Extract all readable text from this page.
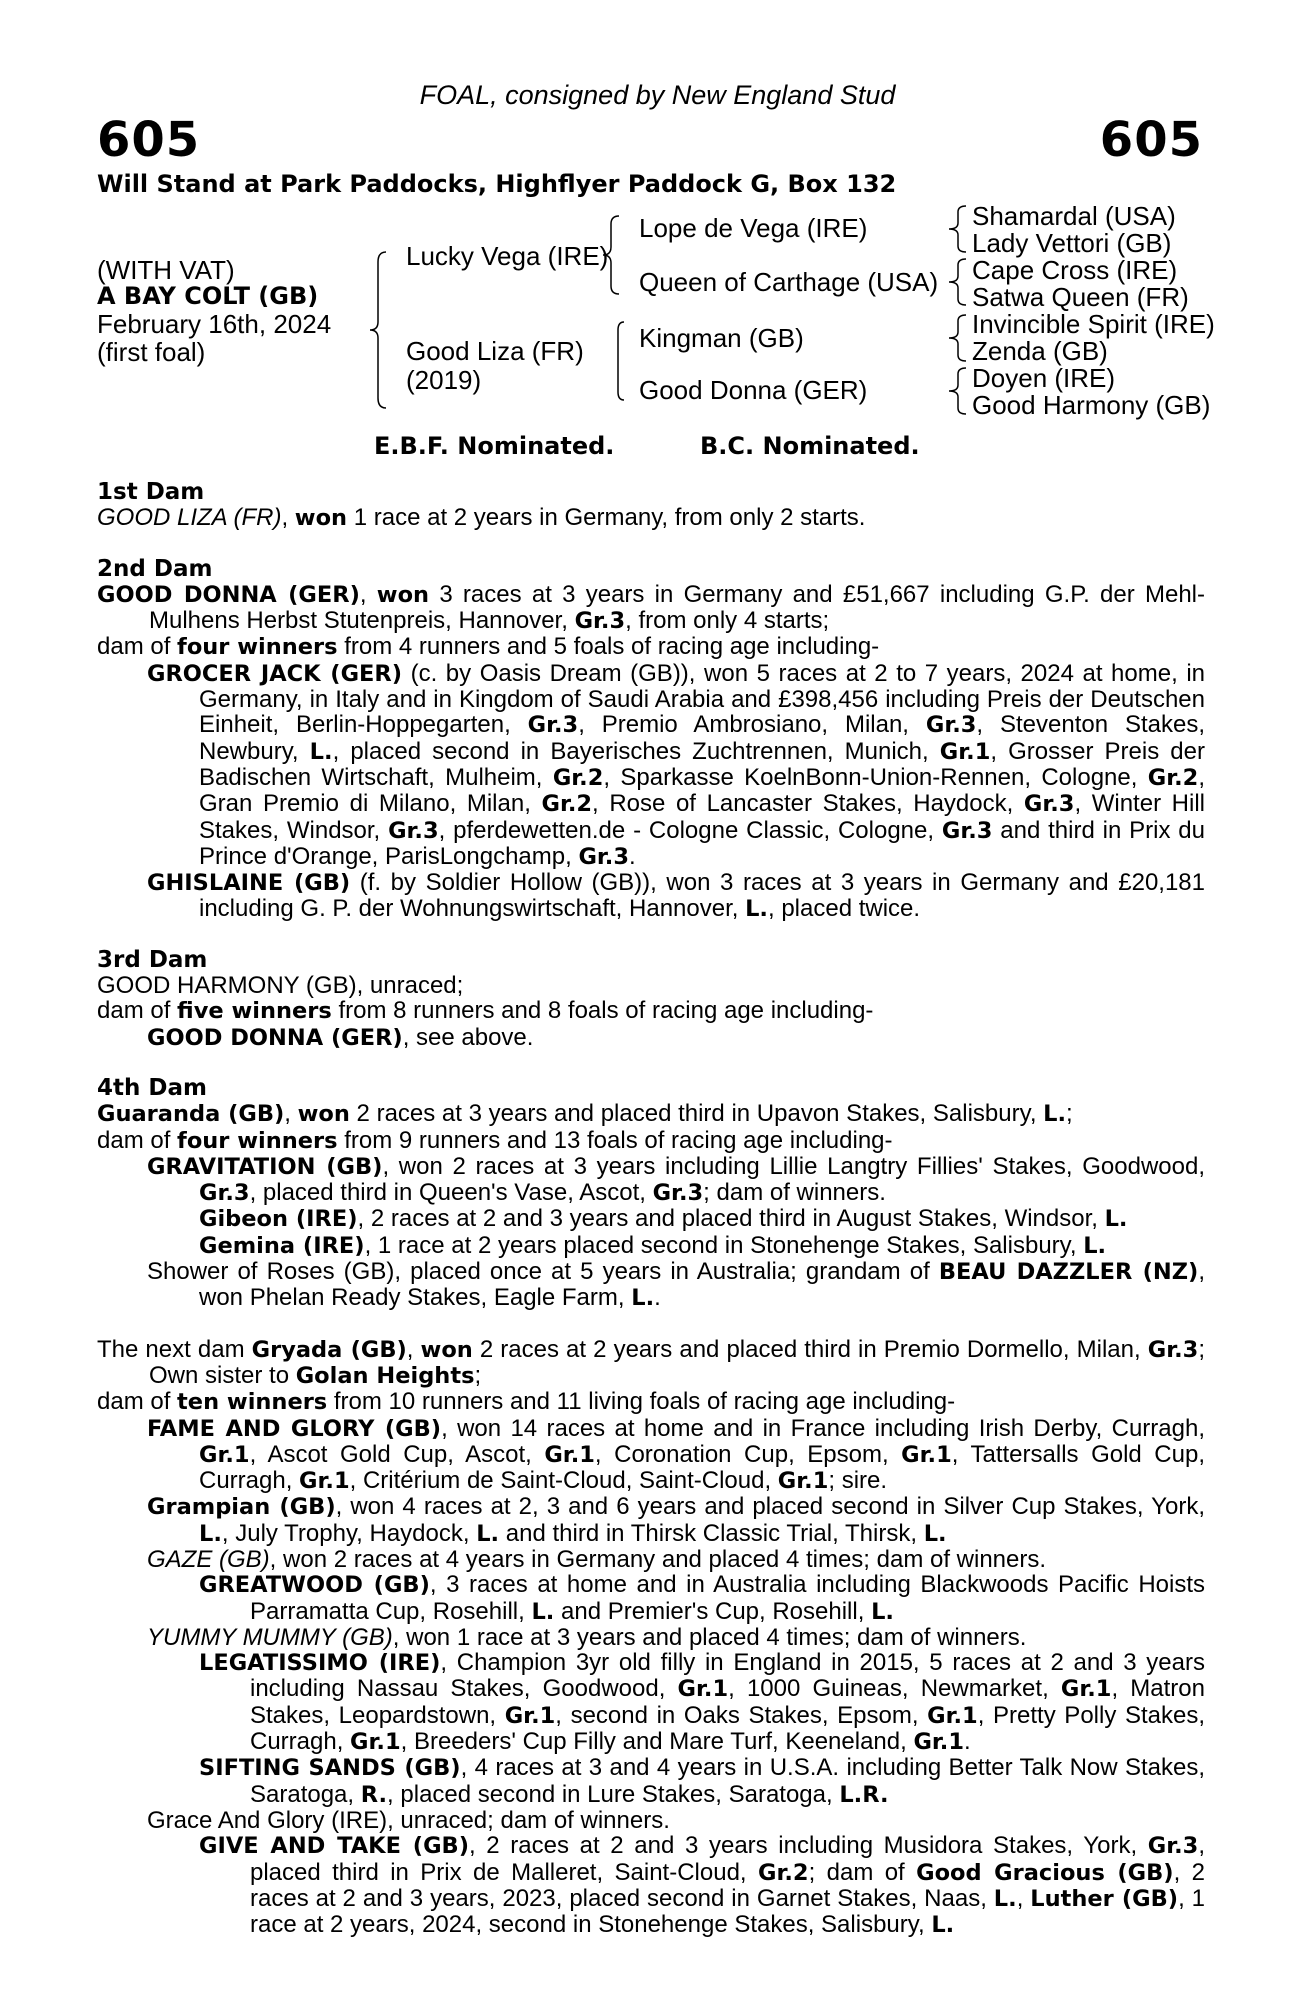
FOAL, consigned by New England Stud
605	605
Will Stand at Park Paddocks, Highflyer Paddock G, Box 132
(WITH VAT)
A BAY COLT (GB)
February 16th, 2024
(first foal)
Lucky Vega (IRE)
Good Liza (FR)
(2019)
Lope de Vega (IRE)
Queen of Carthage (USA)
Kingman (GB)
Good Donna (GER)
Shamardal (USA)
Lady Vettori (GB)
Cape Cross (IRE)
Satwa Queen (FR)
Invincible Spirit (IRE)
Zenda (GB)
Doyen (IRE)
Good Harmony (GB)
E.B.F. Nominated.	B.C. Nominated.

1st Dam

GOOD LIZA (FR), won 1 race at 2 years in Germany, from only 2 starts.

2nd Dam

GOOD DONNA (GER), won 3 races at 3 years in Germany and £51,667 including G.P. der Mehl-Mulhens Herbst Stutenpreis, Hannover, Gr.3, from only 4 starts;

dam of four winners from 4 runners and 5 foals of racing age including-

GROCER JACK (GER) (c. by Oasis Dream (GB)), won 5 races at 2 to 7 years, 2024 at home, in Germany, in Italy and in Kingdom of Saudi Arabia and £398,456 including Preis der Deutschen Einheit, Berlin-Hoppegarten, Gr.3, Premio Ambrosiano, Milan, Gr.3, Steventon Stakes, Newbury, L., placed second in Bayerisches Zuchtrennen, Munich, Gr.1, Grosser Preis der Badischen Wirtschaft, Mulheim, Gr.2, Sparkasse KoelnBonn-Union-Rennen, Cologne, Gr.2, Gran Premio di Milano, Milan, Gr.2, Rose of Lancaster Stakes, Haydock, Gr.3, Winter Hill Stakes, Windsor, Gr.3, pferdewetten.de - Cologne Classic, Cologne, Gr.3 and third in Prix du Prince d'Orange, ParisLongchamp, Gr.3.

GHISLAINE (GB) (f. by Soldier Hollow (GB)), won 3 races at 3 years in Germany and £20,181 including G. P. der Wohnungswirtschaft, Hannover, L., placed twice.

3rd Dam

GOOD HARMONY (GB), unraced;

dam of five winners from 8 runners and 8 foals of racing age including-

GOOD DONNA (GER), see above.

4th Dam

Guaranda (GB), won 2 races at 3 years and placed third in Upavon Stakes, Salisbury, L.;

dam of four winners from 9 runners and 13 foals of racing age including-

GRAVITATION (GB), won 2 races at 3 years including Lillie Langtry Fillies' Stakes, Goodwood, Gr.3, placed third in Queen's Vase, Ascot, Gr.3; dam of winners.

Gibeon (IRE), 2 races at 2 and 3 years and placed third in August Stakes, Windsor, L.

Gemina (IRE), 1 race at 2 years placed second in Stonehenge Stakes, Salisbury, L.

Shower of Roses (GB), placed once at 5 years in Australia; grandam of BEAU DAZZLER (NZ), won Phelan Ready Stakes, Eagle Farm, L..

The next dam Gryada (GB), won 2 races at 2 years and placed third in Premio Dormello, Milan, Gr.3; Own sister to Golan Heights;

dam of ten winners from 10 runners and 11 living foals of racing age including-

FAME AND GLORY (GB), won 14 races at home and in France including Irish Derby, Curragh, Gr.1, Ascot Gold Cup, Ascot, Gr.1, Coronation Cup, Epsom, Gr.1, Tattersalls Gold Cup, Curragh, Gr.1, Critérium de Saint-Cloud, Saint-Cloud, Gr.1; sire.

Grampian (GB), won 4 races at 2, 3 and 6 years and placed second in Silver Cup Stakes, York, L., July Trophy, Haydock, L. and third in Thirsk Classic Trial, Thirsk, L.

GAZE (GB), won 2 races at 4 years in Germany and placed 4 times; dam of winners.

GREATWOOD (GB), 3 races at home and in Australia including Blackwoods Pacific Hoists Parramatta Cup, Rosehill, L. and Premier's Cup, Rosehill, L.

YUMMY MUMMY (GB), won 1 race at 3 years and placed 4 times; dam of winners.

LEGATISSIMO (IRE), Champion 3yr old filly in England in 2015, 5 races at 2 and 3 years including Nassau Stakes, Goodwood, Gr.1, 1000 Guineas, Newmarket, Gr.1, Matron Stakes, Leopardstown, Gr.1, second in Oaks Stakes, Epsom, Gr.1, Pretty Polly Stakes, Curragh, Gr.1, Breeders' Cup Filly and Mare Turf, Keeneland, Gr.1.

SIFTING SANDS (GB), 4 races at 3 and 4 years in U.S.A. including Better Talk Now Stakes, Saratoga, R., placed second in Lure Stakes, Saratoga, L.R.

Grace And Glory (IRE), unraced; dam of winners.

GIVE AND TAKE (GB), 2 races at 2 and 3 years including Musidora Stakes, York, Gr.3, placed third in Prix de Malleret, Saint-Cloud, Gr.2; dam of Good Gracious (GB), 2 races at 2 and 3 years, 2023, placed second in Garnet Stakes, Naas, L., Luther (GB), 1 race at 2 years, 2024, second in Stonehenge Stakes, Salisbury, L.
